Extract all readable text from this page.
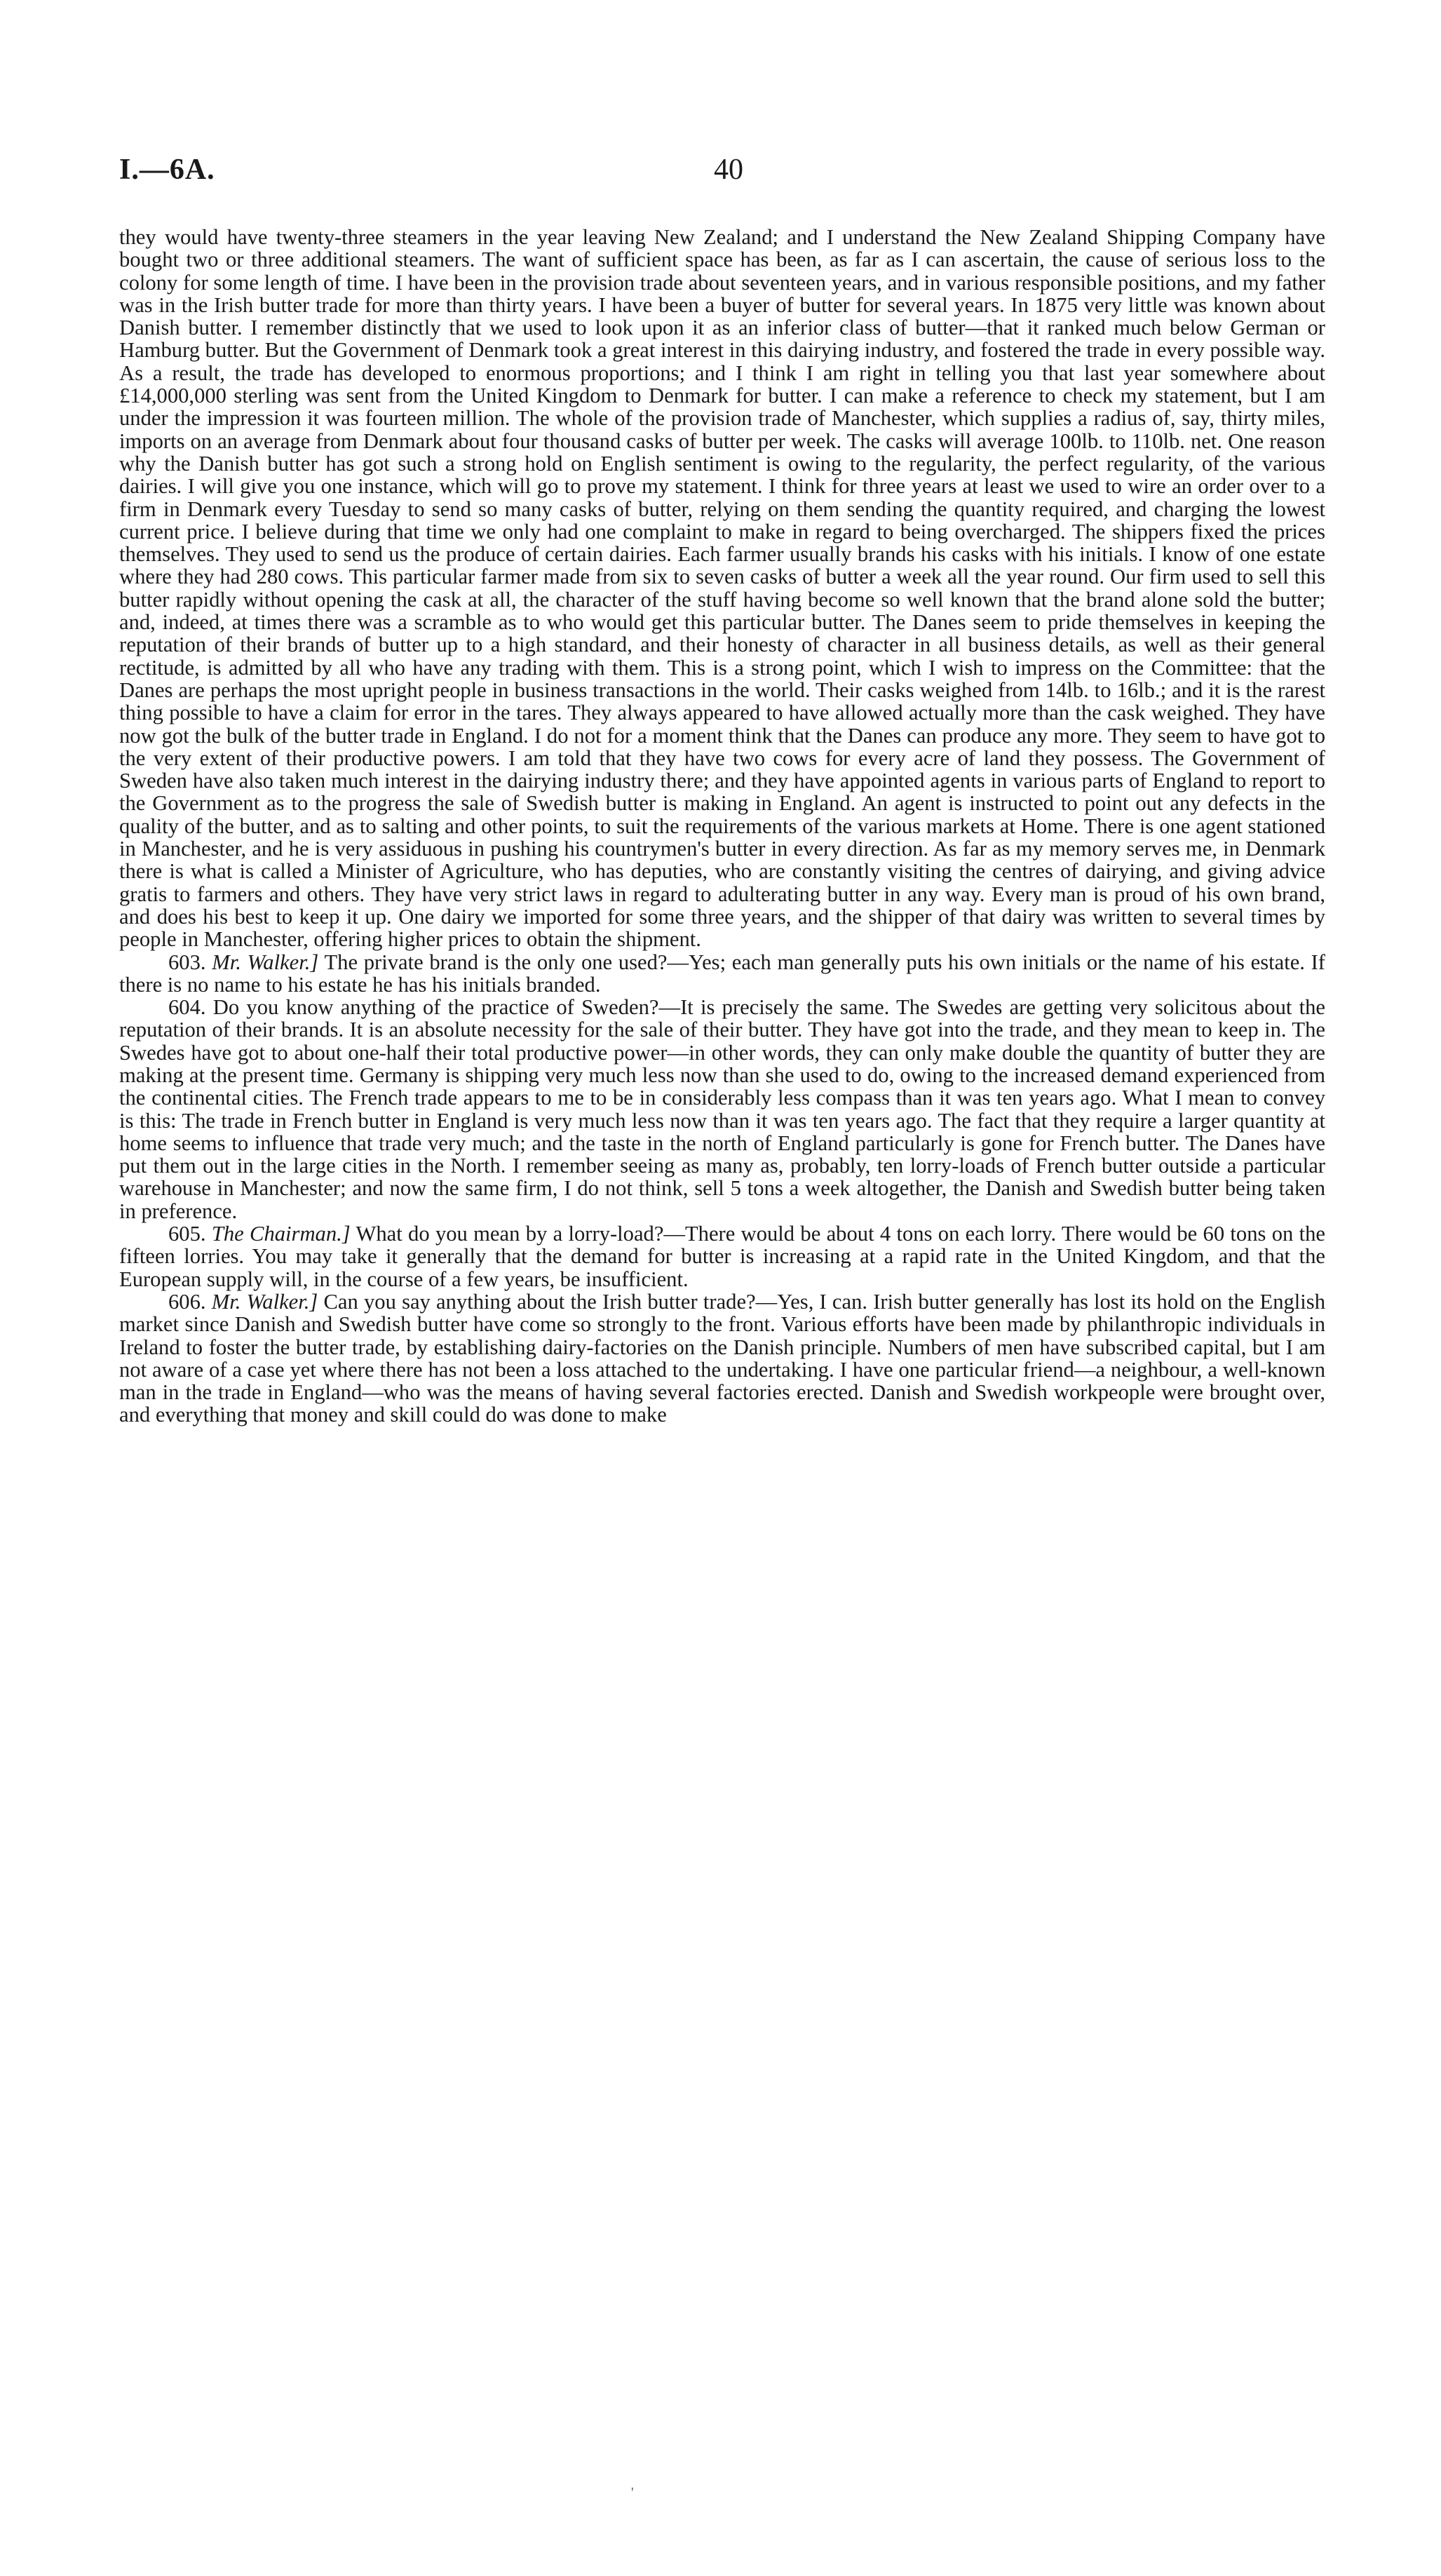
I.—6A.	40

they would have twenty-three steamers in the year leaving New Zealand; and I understand the New Zealand Shipping Company have bought two or three additional steamers. The want of sufficient space has been, as far as I can ascertain, the cause of serious loss to the colony for some length of time. I have been in the provision trade about seventeen years, and in various responsible positions, and my father was in the Irish butter trade for more than thirty years. I have been a buyer of butter for several years. In 1875 very little was known about Danish butter. I remember distinctly that we used to look upon it as an inferior class of butter—that it ranked much below German or Hamburg butter. But the Government of Denmark took a great interest in this dairying industry, and fostered the trade in every possible way. As a result, the trade has developed to enormous proportions; and I think I am right in telling you that last year somewhere about £14,000,000 sterling was sent from the United Kingdom to Denmark for butter. I can make a reference to check my statement, but I am under the impression it was fourteen million. The whole of the provision trade of Manchester, which supplies a radius of, say, thirty miles, imports on an average from Denmark about four thousand casks of butter per week. The casks will average 100lb. to 110lb. net. One reason why the Danish butter has got such a strong hold on English sentiment is owing to the regularity, the perfect regularity, of the various dairies. I will give you one instance, which will go to prove my statement. I think for three years at least we used to wire an order over to a firm in Denmark every Tuesday to send so many casks of butter, relying on them sending the quantity required, and charging the lowest current price. I believe during that time we only had one complaint to make in regard to being overcharged. The shippers fixed the prices themselves. They used to send us the produce of certain dairies. Each farmer usually brands his casks with his initials. I know of one estate where they had 280 cows. This particular farmer made from six to seven casks of butter a week all the year round. Our firm used to sell this butter rapidly without opening the cask at all, the character of the stuff having become so well known that the brand alone sold the butter; and, indeed, at times there was a scramble as to who would get this particular butter. The Danes seem to pride themselves in keeping the reputation of their brands of butter up to a high standard, and their honesty of character in all business details, as well as their general rectitude, is admitted by all who have any trading with them. This is a strong point, which I wish to impress on the Committee: that the Danes are perhaps the most upright people in business transactions in the world. Their casks weighed from 14lb. to 16lb.; and it is the rarest thing possible to have a claim for error in the tares. They always appeared to have allowed actually more than the cask weighed. They have now got the bulk of the butter trade in England. I do not for a moment think that the Danes can produce any more. They seem to have got to the very extent of their productive powers. I am told that they have two cows for every acre of land they possess. The Government of Sweden have also taken much interest in the dairying industry there; and they have appointed agents in various parts of England to report to the Government as to the progress the sale of Swedish butter is making in England. An agent is instructed to point out any defects in the quality of the butter, and as to salting and other points, to suit the requirements of the various markets at Home. There is one agent stationed in Manchester, and he is very assiduous in pushing his countrymen's butter in every direction. As far as my memory serves me, in Denmark there is what is called a Minister of Agriculture, who has deputies, who are constantly visiting the centres of dairying, and giving advice gratis to farmers and others. They have very strict laws in regard to adulterating butter in any way. Every man is proud of his own brand, and does his best to keep it up. One dairy we imported for some three years, and the shipper of that dairy was written to several times by people in Manchester, offering higher prices to obtain the shipment.

603. Mr. Walker.] The private brand is the only one used?—Yes; each man generally puts his own initials or the name of his estate. If there is no name to his estate he has his initials branded.

604. Do you know anything of the practice of Sweden?—It is precisely the same. The Swedes are getting very solicitous about the reputation of their brands. It is an absolute necessity for the sale of their butter. They have got into the trade, and they mean to keep in. The Swedes have got to about one-half their total productive power—in other words, they can only make double the quantity of butter they are making at the present time. Germany is shipping very much less now than she used to do, owing to the increased demand experienced from the continental cities. The French trade appears to me to be in considerably less compass than it was ten years ago. What I mean to convey is this: The trade in French butter in England is very much less now than it was ten years ago. The fact that they require a larger quantity at home seems to influence that trade very much; and the taste in the north of England particularly is gone for French butter. The Danes have put them out in the large cities in the North. I remember seeing as many as, probably, ten lorry-loads of French butter outside a particular warehouse in Manchester; and now the same firm, I do not think, sell 5 tons a week altogether, the Danish and Swedish butter being taken in preference.

605. The Chairman.] What do you mean by a lorry-load?—There would be about 4 tons on each lorry. There would be 60 tons on the fifteen lorries. You may take it generally that the demand for butter is increasing at a rapid rate in the United Kingdom, and that the European supply will, in the course of a few years, be insufficient.

606. Mr. Walker.] Can you say anything about the Irish butter trade?—Yes, I can. Irish butter generally has lost its hold on the English market since Danish and Swedish butter have come so strongly to the front. Various efforts have been made by philanthropic individuals in Ireland to foster the butter trade, by establishing dairy-factories on the Danish principle. Numbers of men have subscribed capital, but I am not aware of a case yet where there has not been a loss attached to the undertaking. I have one particular friend—a neighbour, a well-known man in the trade in England—who was the means of having several factories erected. Danish and Swedish workpeople were brought over, and everything that money and skill could do was done to make

'
